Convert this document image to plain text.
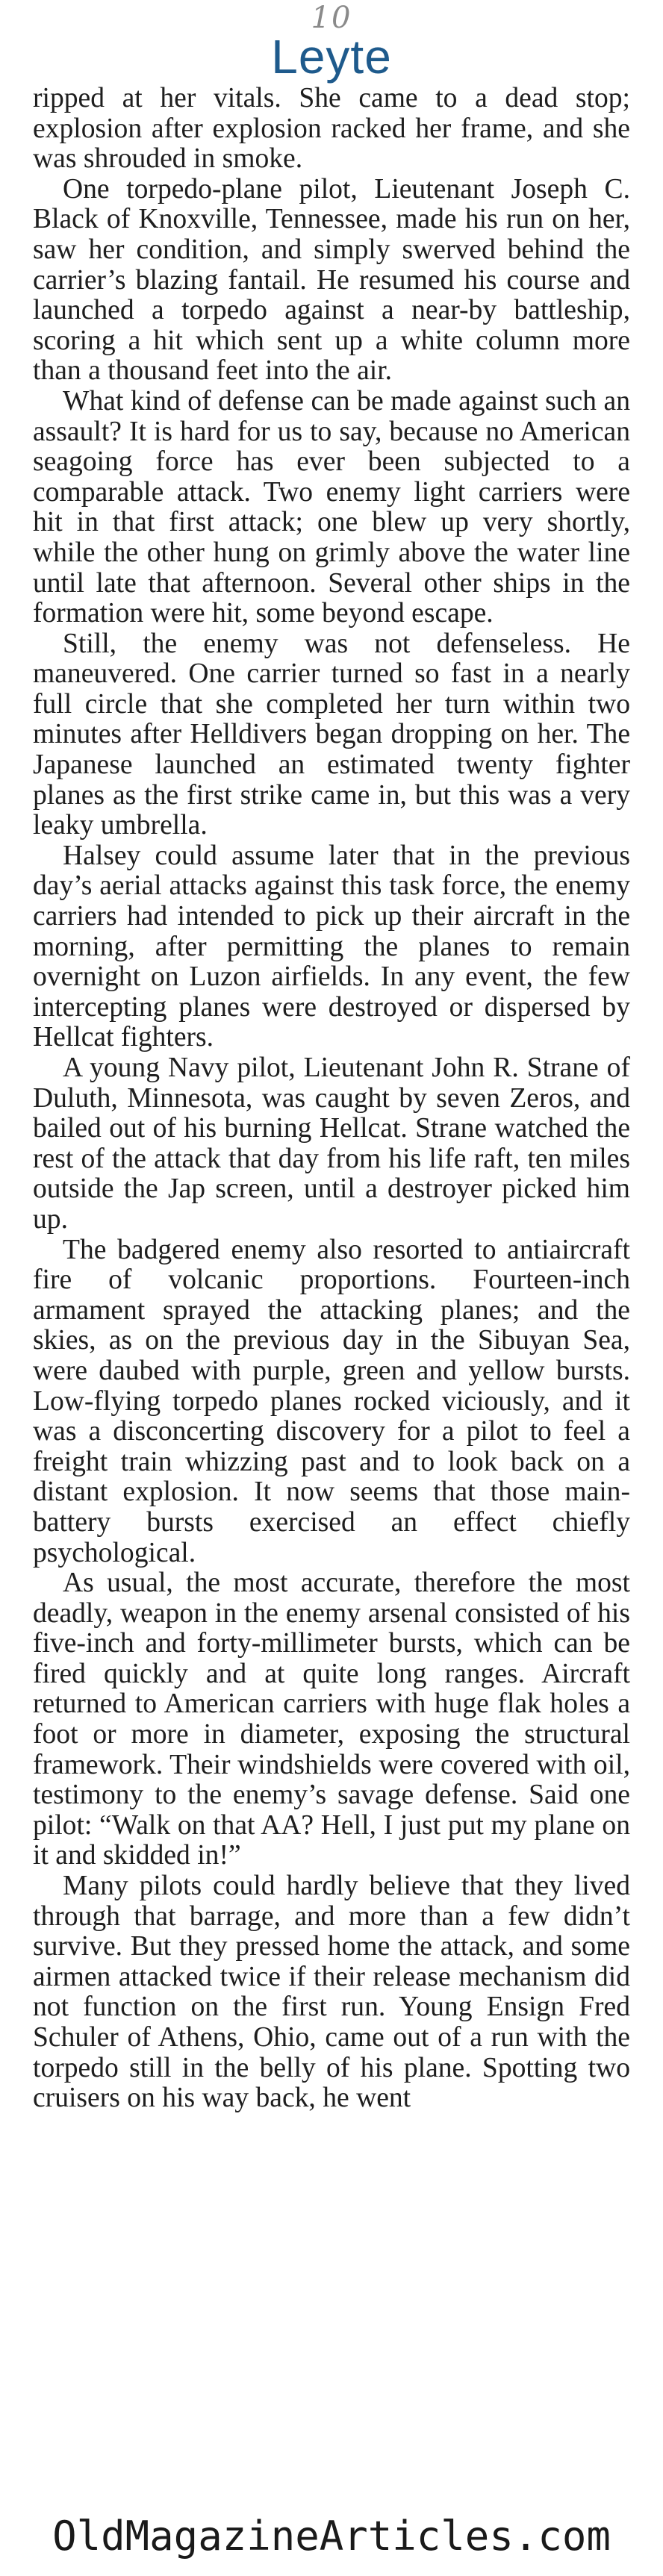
10
Leyte

ripped at her vitals. She came to a dead stop; explosion after explosion racked her frame, and she was shrouded in smoke.

One torpedo-plane pilot, Lieutenant Joseph C. Black of Knoxville, Tennessee, made his run on her, saw her condition, and simply swerved behind the carrier’s blazing fantail. He resumed his course and launched a torpedo against a near-by battleship, scoring a hit which sent up a white column more than a thousand feet into the air.

What kind of defense can be made against such an assault? It is hard for us to say, because no American seagoing force has ever been subjected to a comparable attack. Two enemy light carriers were hit in that first attack; one blew up very shortly, while the other hung on grimly above the water line until late that afternoon. Several other ships in the formation were hit, some beyond escape.

Still, the enemy was not defenseless. He maneuvered. One carrier turned so fast in a nearly full circle that she completed her turn within two minutes after Helldivers began dropping on her. The Japanese launched an estimated twenty fighter planes as the first strike came in, but this was a very leaky umbrella.

Halsey could assume later that in the previous day’s aerial attacks against this task force, the enemy carriers had intended to pick up their aircraft in the morning, after permitting the planes to remain overnight on Luzon airfields. In any event, the few intercepting planes were destroyed or dispersed by Hellcat fighters.

A young Navy pilot, Lieutenant John R. Strane of Duluth, Minnesota, was caught by seven Zeros, and bailed out of his burning Hellcat. Strane watched the rest of the attack that day from his life raft, ten miles outside the Jap screen, until a destroyer picked him up.

The badgered enemy also resorted to antiaircraft fire of volcanic proportions. Fourteen-inch armament sprayed the attacking planes; and the skies, as on the previous day in the Sibuyan Sea, were daubed with purple, green and yellow bursts. Low-flying torpedo planes rocked viciously, and it was a disconcerting discovery for a pilot to feel a freight train whizzing past and to look back on a distant explosion. It now seems that those main-battery bursts exercised an effect chiefly psychological.

As usual, the most accurate, therefore the most deadly, weapon in the enemy arsenal consisted of his five-inch and forty-millimeter bursts, which can be fired quickly and at quite long ranges. Aircraft returned to American carriers with huge flak holes a foot or more in diameter, exposing the structural framework. Their windshields were covered with oil, testimony to the enemy’s savage defense. Said one pilot: “Walk on that AA? Hell, I just put my plane on it and skidded in!”

Many pilots could hardly believe that they lived through that barrage, and more than a few didn’t survive. But they pressed home the attack, and some airmen attacked twice if their release mechanism did not function on the first run. Young Ensign Fred Schuler of Athens, Ohio, came out of a run with the torpedo still in the belly of his plane. Spotting two cruisers on his way back, he went

OldMagazineArticles.com
